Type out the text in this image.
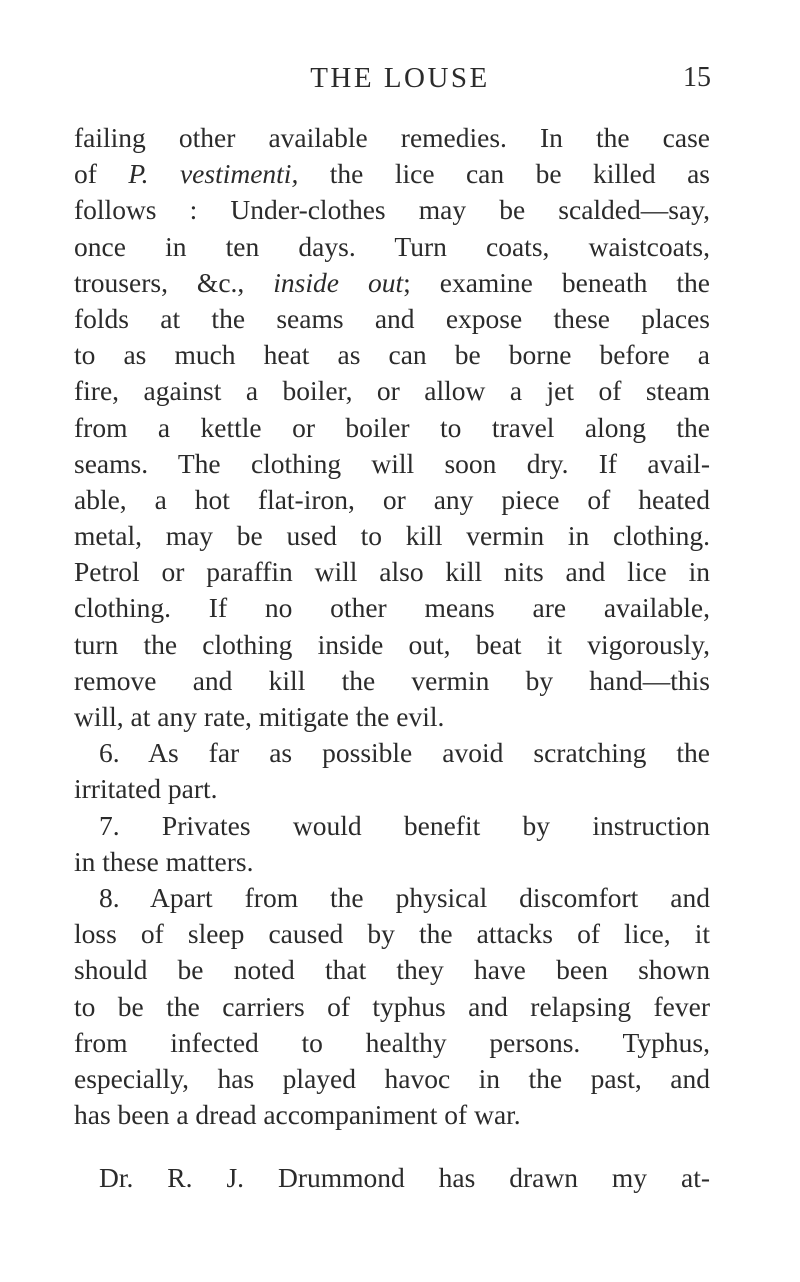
THE LOUSE	15
failing other available remedies. In the case
of P. vestimenti, the lice can be killed as
follows : Under-clothes may be scalded—say,
once in ten days. Turn coats, waistcoats,
trousers, &c., inside out; examine beneath the
folds at the seams and expose these places
to as much heat as can be borne before a
fire, against a boiler, or allow a jet of steam
from a kettle or boiler to travel along the
seams. The clothing will soon dry. If avail-
able, a hot flat-iron, or any piece of heated
metal, may be used to kill vermin in clothing.
Petrol or paraffin will also kill nits and lice in
clothing. If no other means are available,
turn the clothing inside out, beat it vigorously,
remove and kill the vermin by hand—this
will, at any rate, mitigate the evil.
6. As far as possible avoid scratching the
irritated part.
7. Privates would benefit by instruction
in these matters.
8. Apart from the physical discomfort and
loss of sleep caused by the attacks of lice, it
should be noted that they have been shown
to be the carriers of typhus and relapsing fever
from infected to healthy persons. Typhus,
especially, has played havoc in the past, and
has been a dread accompaniment of war.
Dr. R. J. Drummond has drawn my at-
